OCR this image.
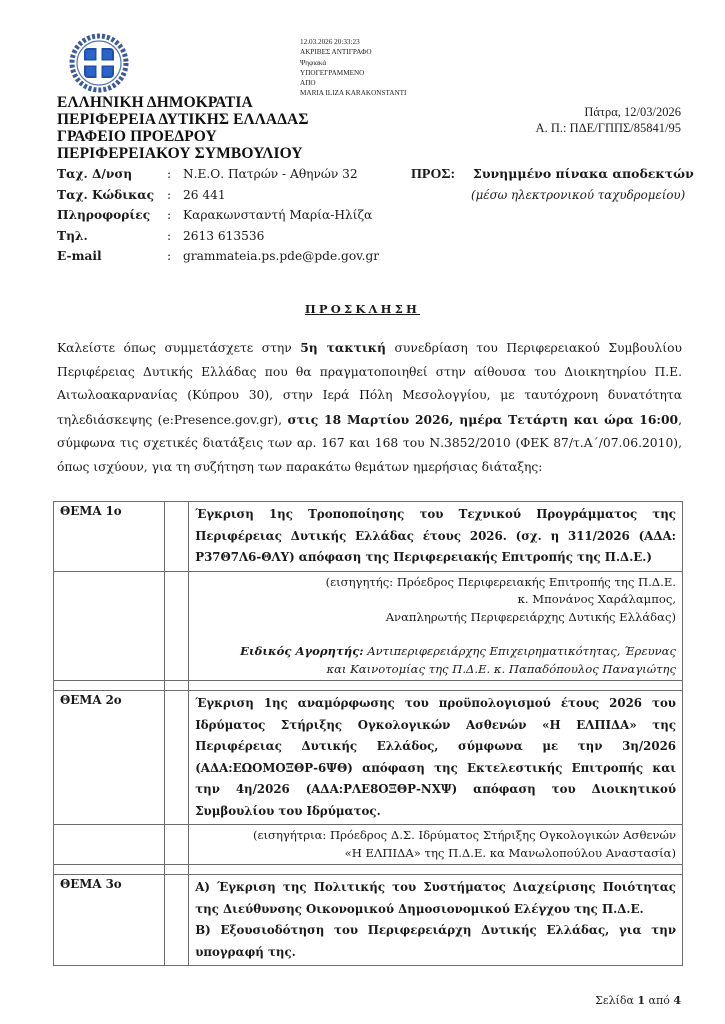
12.03.2026 20:33:23
ΑΚΡΙΒΕΣ ΑΝΤΙΓΡΑΦΟ
Ψηφιακά
ΥΠΟΓΕΓΡΑΜΜΕΝΟ
ΑΠΟ
MARIA ILIZA KARAKONSTANTI
ΕΛΛΗΝΙΚΗ ΔΗΜΟΚΡΑΤΙΑ
ΠΕΡΙΦΕΡΕΙΑ ΔΥΤΙΚΗΣ ΕΛΛΑΔΑΣ
ΓΡΑΦΕΙΟ ΠΡΟΕΔΡΟΥ
ΠΕΡΙΦΕΡΕΙΑΚΟΥ ΣΥΜΒΟΥΛΙΟΥ
Πάτρα, 12/03/2026
Α. Π.: ΠΔΕ/ΓΠΠΣ/85841/95
Ταχ. Δ/νση	: Ν.Ε.Ο. Πατρών - Αθηνών 32
Ταχ. Κώδικας	: 26 441
Πληροφορίες	: Καρακωνσταντή Μαρία-Ηλίζα
Τηλ.	: 2613 613536
E-mail	: grammateia.ps.pde@pde.gov.gr
ΠΡΟΣ: Συνημμένο πίνακα αποδεκτών
(μέσω ηλεκτρονικού ταχυδρομείου)
ΠΡΟΣΚΛΗΣΗ
Καλείστε όπως συμμετάσχετε στην 5η τακτική συνεδρίαση του Περιφερειακού Συμβουλίου
Περιφέρειας Δυτικής Ελλάδας που θα πραγματοποιηθεί στην αίθουσα του Διοικητηρίου Π.Ε.
Αιτωλοακαρνανίας (Κύπρου 30), στην Ιερά Πόλη Μεσολογγίου, με ταυτόχρονη δυνατότητα
τηλεδιάσκεψης (e:Presence.gov.gr), στις 18 Μαρτίου 2026, ημέρα Τετάρτη και ώρα 16:00,
σύμφωνα τις σχετικές διατάξεις των αρ. 167 και 168 του Ν.3852/2010 (ΦΕΚ 87/τ.Α΄/07.06.2010),
όπως ισχύουν, για τη συζήτηση των παρακάτω θεμάτων ημερήσιας διάταξης:
ΘΕΜΑ 1ο		Έγκριση 1ης Τροποποίησης του Τεχνικού Προγράμματος της
Περιφέρειας Δυτικής Ελλάδας έτους 2026. (σχ. η 311/2026 (ΑΔΑ:
Ρ37Θ7Λ6-ΘΛΥ) απόφαση της Περιφερειακής Επιτροπής της Π.Δ.Ε.)

		(εισηγητής: Πρόεδρος Περιφερειακής Επιτροπής της Π.Δ.Ε.
κ. Μπονάνος Χαράλαμπος,
Αναπληρωτής Περιφερειάρχης Δυτικής Ελλάδας)
Ειδικός Αγορητής: Αντιπεριφερειάρχης Επιχειρηματικότητας, Έρευνας
και Καινοτομίας της Π.Δ.Ε. κ. Παπαδόπουλος Παναγιώτης

ΘΕΜΑ 2ο		Έγκριση 1ης αναμόρφωσης του προϋπολογισμού έτους 2026 του
Ιδρύματος Στήριξης Ογκολογικών Ασθενών «Η ΕΛΠΙΔΑ» της
Περιφέρειας Δυτικής Ελλάδος, σύμφωνα με την 3η/2026
(ΑΔΑ:ΕΩΟΜΟΞΘΡ-6ΨΘ) απόφαση της Εκτελεστικής Επιτροπής και
την 4η/2026 (ΑΔΑ:ΡΛΕ8ΟΞΘΡ-ΝΧΨ) απόφαση του Διοικητικού
Συμβουλίου του Ιδρύματος.

		(εισηγήτρια: Πρόεδρος Δ.Σ. Ιδρύματος Στήριξης Ογκολογικών Ασθενών
«Η ΕΛΠΙΔΑ» της Π.Δ.Ε. κα Μανωλοπούλου Αναστασία)

ΘΕΜΑ 3ο		Α) Έγκριση της Πολιτικής του Συστήματος Διαχείρισης Ποιότητας
της Διεύθυνσης Οικονομικού Δημοσιονομικού Ελέγχου της Π.Δ.Ε.
Β) Εξουσιοδότηση του Περιφερειάρχη Δυτικής Ελλάδας, για την
υπογραφή της.
Σελίδα 1 από 4
